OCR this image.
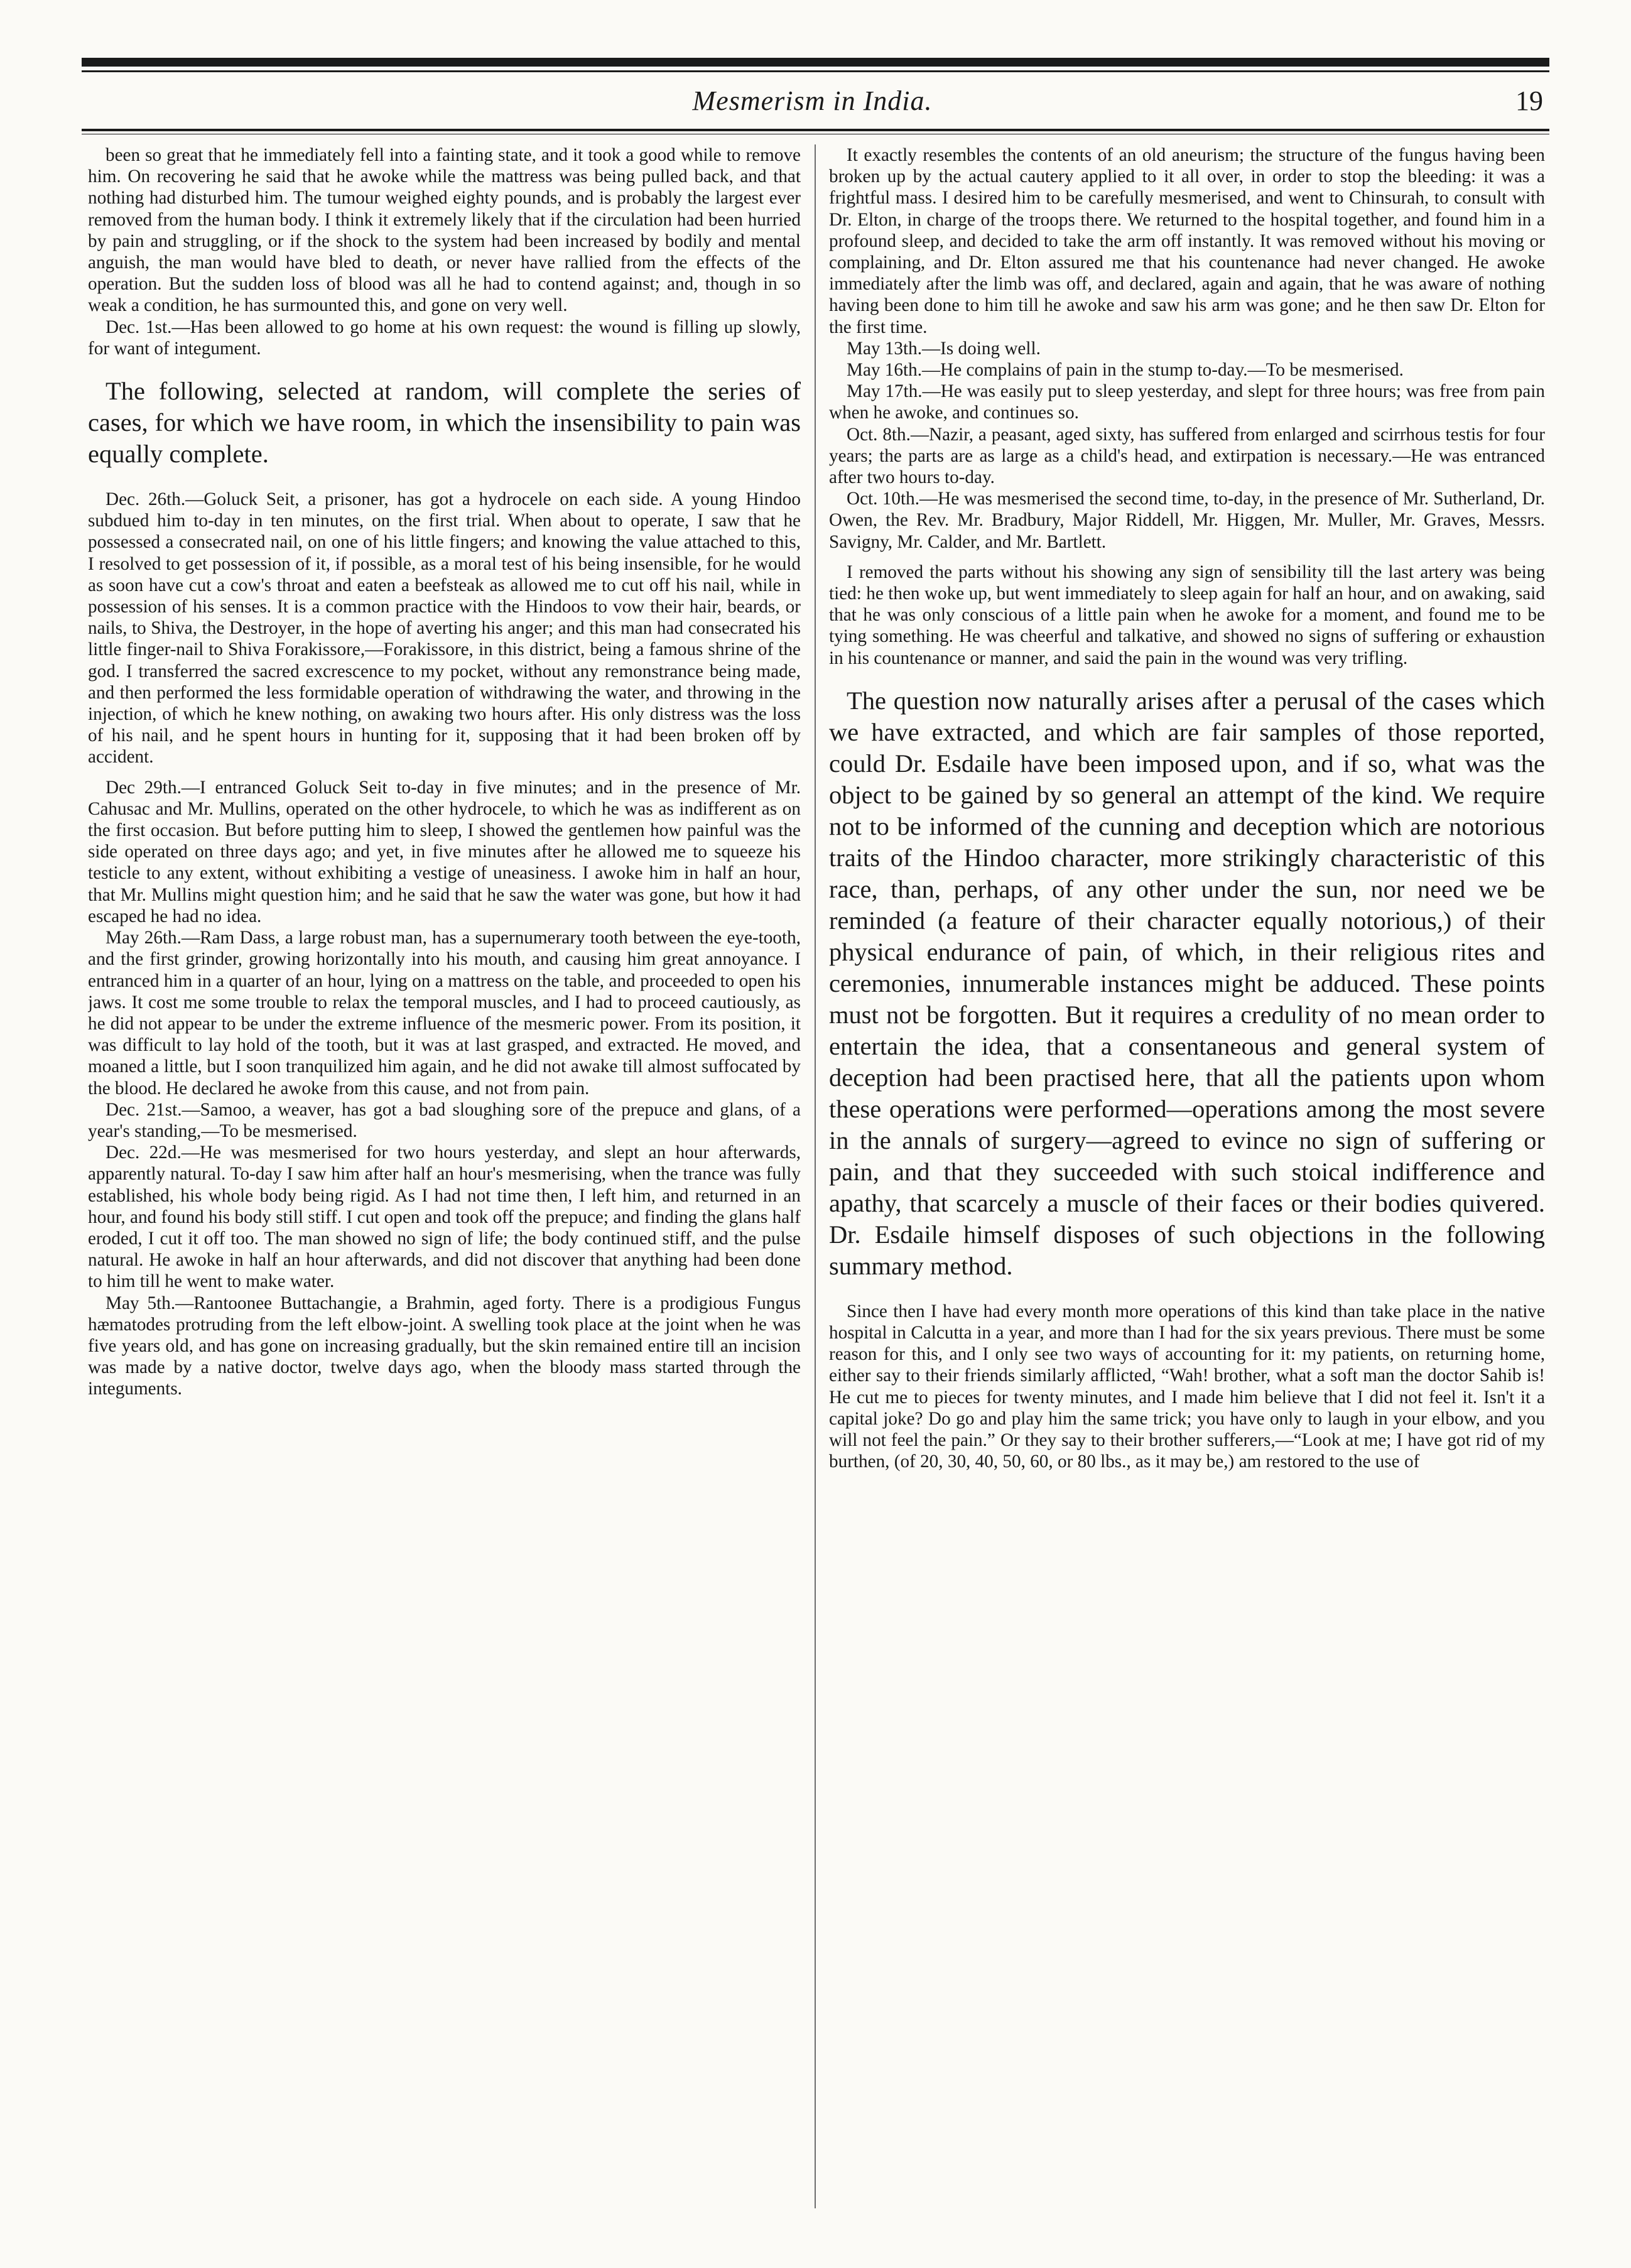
Mesmerism in India.	19

been so great that he immediately fell into a fainting state, and it took a good while to remove him. On recovering he said that he awoke while the mattress was being pulled back, and that nothing had disturbed him. The tumour weighed eighty pounds, and is probably the largest ever removed from the human body. I think it extremely likely that if the circulation had been hurried by pain and struggling, or if the shock to the system had been increased by bodily and mental anguish, the man would have bled to death, or never have rallied from the effects of the operation. But the sudden loss of blood was all he had to contend against; and, though in so weak a condition, he has surmounted this, and gone on very well.

Dec. 1st.—Has been allowed to go home at his own request: the wound is filling up slowly, for want of integument.

The following, selected at random, will complete the series of cases, for which we have room, in which the insensibility to pain was equally complete.

Dec. 26th.—Goluck Seit, a prisoner, has got a hydrocele on each side. A young Hindoo subdued him to-day in ten minutes, on the first trial. When about to operate, I saw that he possessed a consecrated nail, on one of his little fingers; and knowing the value attached to this, I resolved to get possession of it, if possible, as a moral test of his being insensible, for he would as soon have cut a cow's throat and eaten a beefsteak as allowed me to cut off his nail, while in possession of his senses. It is a common practice with the Hindoos to vow their hair, beards, or nails, to Shiva, the Destroyer, in the hope of averting his anger; and this man had consecrated his little finger-nail to Shiva Forakissore,—Forakissore, in this district, being a famous shrine of the god. I transferred the sacred excrescence to my pocket, without any remonstrance being made, and then performed the less formidable operation of withdrawing the water, and throwing in the injection, of which he knew nothing, on awaking two hours after. His only distress was the loss of his nail, and he spent hours in hunting for it, supposing that it had been broken off by accident.

Dec 29th.—I entranced Goluck Seit to-day in five minutes; and in the presence of Mr. Cahusac and Mr. Mullins, operated on the other hydrocele, to which he was as indifferent as on the first occasion. But before putting him to sleep, I showed the gentlemen how painful was the side operated on three days ago; and yet, in five minutes after he allowed me to squeeze his testicle to any extent, without exhibiting a vestige of uneasiness. I awoke him in half an hour, that Mr. Mullins might question him; and he said that he saw the water was gone, but how it had escaped he had no idea.

May 26th.—Ram Dass, a large robust man, has a supernumerary tooth between the eye-tooth, and the first grinder, growing horizontally into his mouth, and causing him great annoyance. I entranced him in a quarter of an hour, lying on a mattress on the table, and proceeded to open his jaws. It cost me some trouble to relax the temporal muscles, and I had to proceed cautiously, as he did not appear to be under the extreme influence of the mesmeric power. From its position, it was difficult to lay hold of the tooth, but it was at last grasped, and extracted. He moved, and moaned a little, but I soon tranquilized him again, and he did not awake till almost suffocated by the blood. He declared he awoke from this cause, and not from pain.

Dec. 21st.—Samoo, a weaver, has got a bad sloughing sore of the prepuce and glans, of a year's standing,—To be mesmerised.

Dec. 22d.—He was mesmerised for two hours yesterday, and slept an hour afterwards, apparently natural. To-day I saw him after half an hour's mesmerising, when the trance was fully established, his whole body being rigid. As I had not time then, I left him, and returned in an hour, and found his body still stiff. I cut open and took off the prepuce; and finding the glans half eroded, I cut it off too. The man showed no sign of life; the body continued stiff, and the pulse natural. He awoke in half an hour afterwards, and did not discover that anything had been done to him till he went to make water.

May 5th.—Rantoonee Buttachangie, a Brahmin, aged forty. There is a prodigious Fungus hæmatodes protruding from the left elbow-joint. A swelling took place at the joint when he was five years old, and has gone on increasing gradually, but the skin remained entire till an incision was made by a native doctor, twelve days ago, when the bloody mass started through the integuments.

It exactly resembles the contents of an old aneurism; the structure of the fungus having been broken up by the actual cautery applied to it all over, in order to stop the bleeding: it was a frightful mass. I desired him to be carefully mesmerised, and went to Chinsurah, to consult with Dr. Elton, in charge of the troops there. We returned to the hospital together, and found him in a profound sleep, and decided to take the arm off instantly. It was removed without his moving or complaining, and Dr. Elton assured me that his countenance had never changed. He awoke immediately after the limb was off, and declared, again and again, that he was aware of nothing having been done to him till he awoke and saw his arm was gone; and he then saw Dr. Elton for the first time.

May 13th.—Is doing well.

May 16th.—He complains of pain in the stump to-day.—To be mesmerised.

May 17th.—He was easily put to sleep yesterday, and slept for three hours; was free from pain when he awoke, and continues so.

Oct. 8th.—Nazir, a peasant, aged sixty, has suffered from enlarged and scirrhous testis for four years; the parts are as large as a child's head, and extirpation is necessary.—He was entranced after two hours to-day.

Oct. 10th.—He was mesmerised the second time, to-day, in the presence of Mr. Sutherland, Dr. Owen, the Rev. Mr. Bradbury, Major Riddell, Mr. Higgen, Mr. Muller, Mr. Graves, Messrs. Savigny, Mr. Calder, and Mr. Bartlett.

I removed the parts without his showing any sign of sensibility till the last artery was being tied: he then woke up, but went immediately to sleep again for half an hour, and on awaking, said that he was only conscious of a little pain when he awoke for a moment, and found me to be tying something. He was cheerful and talkative, and showed no signs of suffering or exhaustion in his countenance or manner, and said the pain in the wound was very trifling.

The question now naturally arises after a perusal of the cases which we have extracted, and which are fair samples of those reported, could Dr. Esdaile have been imposed upon, and if so, what was the object to be gained by so general an attempt of the kind. We require not to be informed of the cunning and deception which are notorious traits of the Hindoo character, more strikingly characteristic of this race, than, perhaps, of any other under the sun, nor need we be reminded (a feature of their character equally notorious,) of their physical endurance of pain, of which, in their religious rites and ceremonies, innumerable instances might be adduced. These points must not be forgotten. But it requires a credulity of no mean order to entertain the idea, that a consentaneous and general system of deception had been practised here, that all the patients upon whom these operations were performed—operations among the most severe in the annals of surgery—agreed to evince no sign of suffering or pain, and that they succeeded with such stoical indifference and apathy, that scarcely a muscle of their faces or their bodies quivered. Dr. Esdaile himself disposes of such objections in the following summary method.

Since then I have had every month more operations of this kind than take place in the native hospital in Calcutta in a year, and more than I had for the six years previous. There must be some reason for this, and I only see two ways of accounting for it: my patients, on returning home, either say to their friends similarly afflicted, “Wah! brother, what a soft man the doctor Sahib is! He cut me to pieces for twenty minutes, and I made him believe that I did not feel it. Isn't it a capital joke? Do go and play him the same trick; you have only to laugh in your elbow, and you will not feel the pain.” Or they say to their brother sufferers,—“Look at me; I have got rid of my burthen, (of 20, 30, 40, 50, 60, or 80 lbs., as it may be,) am restored to the use of
